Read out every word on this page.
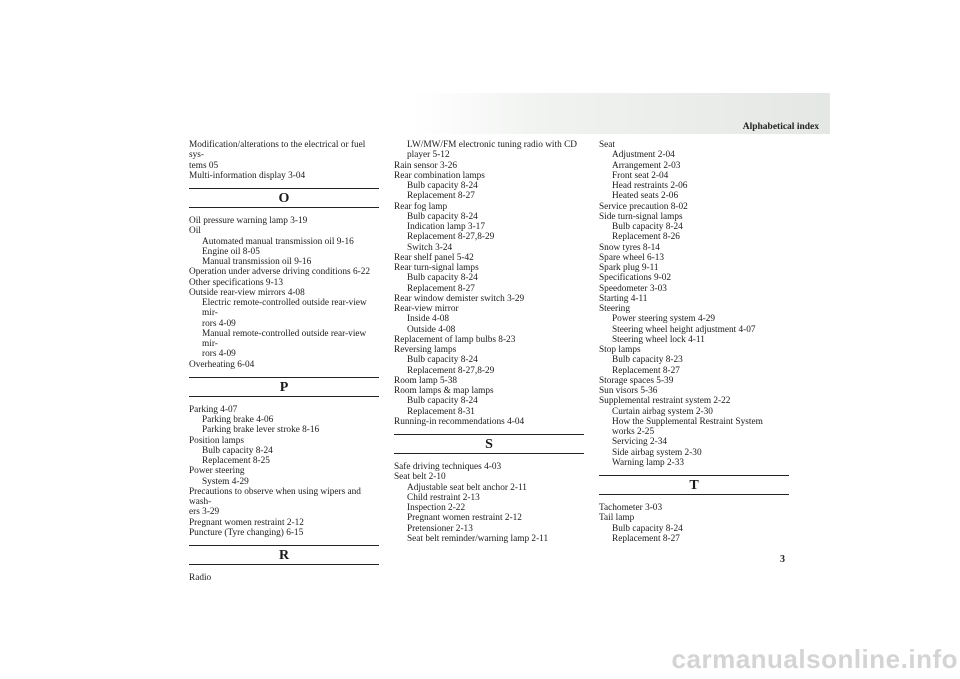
Alphabetical index
Modification/alterations to the electrical or fuel sys-
tems 05
Multi-information display 3-04
O
Oil pressure warning lamp 3-19
Oil
Automated manual transmission oil 9-16
Engine oil 8-05
Manual transmission oil 9-16
Operation under adverse driving conditions 6-22
Other specifications 9-13
Outside rear-view mirrors 4-08
Electric remote-controlled outside rear-view mir-
rors 4-09
Manual remote-controlled outside rear-view mir-
rors 4-09
Overheating 6-04
P
Parking 4-07
Parking brake 4-06
Parking brake lever stroke 8-16
Position lamps
Bulb capacity 8-24
Replacement 8-25
Power steering
System 4-29
Precautions to observe when using wipers and wash-
ers 3-29
Pregnant women restraint 2-12
Puncture (Tyre changing) 6-15
R
Radio
LW/MW/FM electronic tuning radio with CD
player 5-12
Rain sensor 3-26
Rear combination lamps
Bulb capacity 8-24
Replacement 8-27
Rear fog lamp
Bulb capacity 8-24
Indication lamp 3-17
Replacement 8-27,8-29
Switch 3-24
Rear shelf panel 5-42
Rear turn-signal lamps
Bulb capacity 8-24
Replacement 8-27
Rear window demister switch 3-29
Rear-view mirror
Inside 4-08
Outside 4-08
Replacement of lamp bulbs 8-23
Reversing lamps
Bulb capacity 8-24
Replacement 8-27,8-29
Room lamp 5-38
Room lamps & map lamps
Bulb capacity 8-24
Replacement 8-31
Running-in recommendations 4-04
S
Safe driving techniques 4-03
Seat belt 2-10
Adjustable seat belt anchor 2-11
Child restraint 2-13
Inspection 2-22
Pregnant women restraint 2-12
Pretensioner 2-13
Seat belt reminder/warning lamp 2-11
Seat
Adjustment 2-04
Arrangement 2-03
Front seat 2-04
Head restraints 2-06
Heated seats 2-06
Service precaution 8-02
Side turn-signal lamps
Bulb capacity 8-24
Replacement 8-26
Snow tyres 8-14
Spare wheel 6-13
Spark plug 9-11
Specifications 9-02
Speedometer 3-03
Starting 4-11
Steering
Power steering system 4-29
Steering wheel height adjustment 4-07
Steering wheel lock 4-11
Stop lamps
Bulb capacity 8-23
Replacement 8-27
Storage spaces 5-39
Sun visors 5-36
Supplemental restraint system 2-22
Curtain airbag system 2-30
How the Supplemental Restraint System
works 2-25
Servicing 2-34
Side airbag system 2-30
Warning lamp 2-33
T
Tachometer 3-03
Tail lamp
Bulb capacity 8-24
Replacement 8-27
3
carmanualsonline.info
